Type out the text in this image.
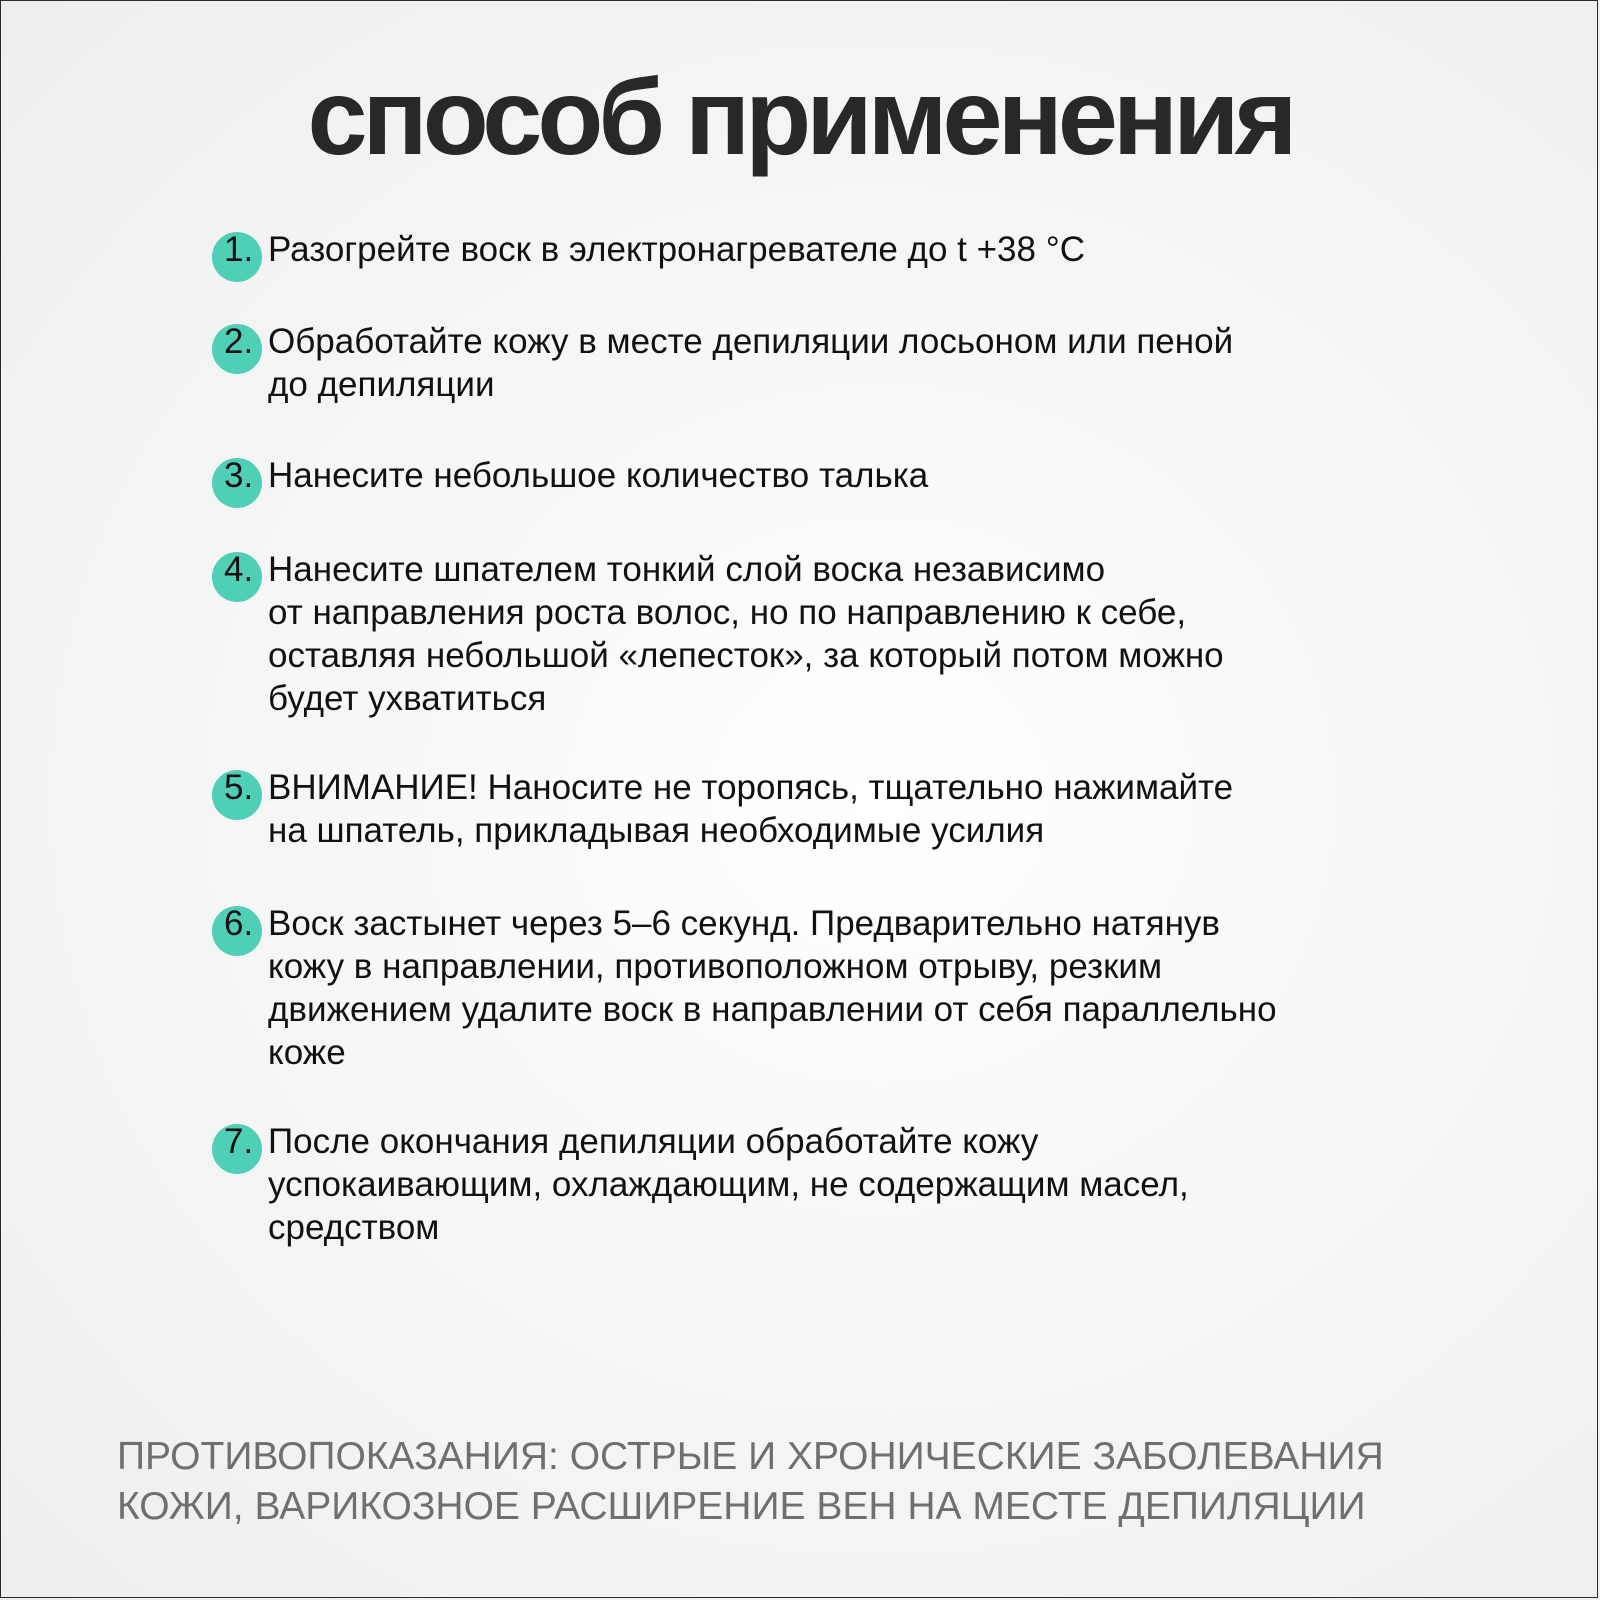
способ применения
1. Разогрейте воск в электронагревателе до t +38 °С
2. Обработайте кожу в месте депиляции лосьоном или пеной
до депиляции
3. Нанесите небольшое количество талька
4. Нанесите шпателем тонкий слой воска независимо
от направления роста волос, но по направлению к себе,
оставляя небольшой «лепесток», за который потом можно
будет ухватиться
5. ВНИМАНИЕ! Наносите не торопясь, тщательно нажимайте
на шпатель, прикладывая необходимые усилия
6. Воск застынет через 5–6 секунд. Предварительно натянув
кожу в направлении, противоположном отрыву, резким
движением удалите воск в направлении от себя параллельно
коже
7. После окончания депиляции обработайте кожу
успокаивающим, охлаждающим, не содержащим масел,
средством
ПРОТИВОПОКАЗАНИЯ: ОСТРЫЕ И ХРОНИЧЕСКИЕ ЗАБОЛЕВАНИЯ
КОЖИ, ВАРИКОЗНОЕ РАСШИРЕНИЕ ВЕН НА МЕСТЕ ДЕПИЛЯЦИИ
